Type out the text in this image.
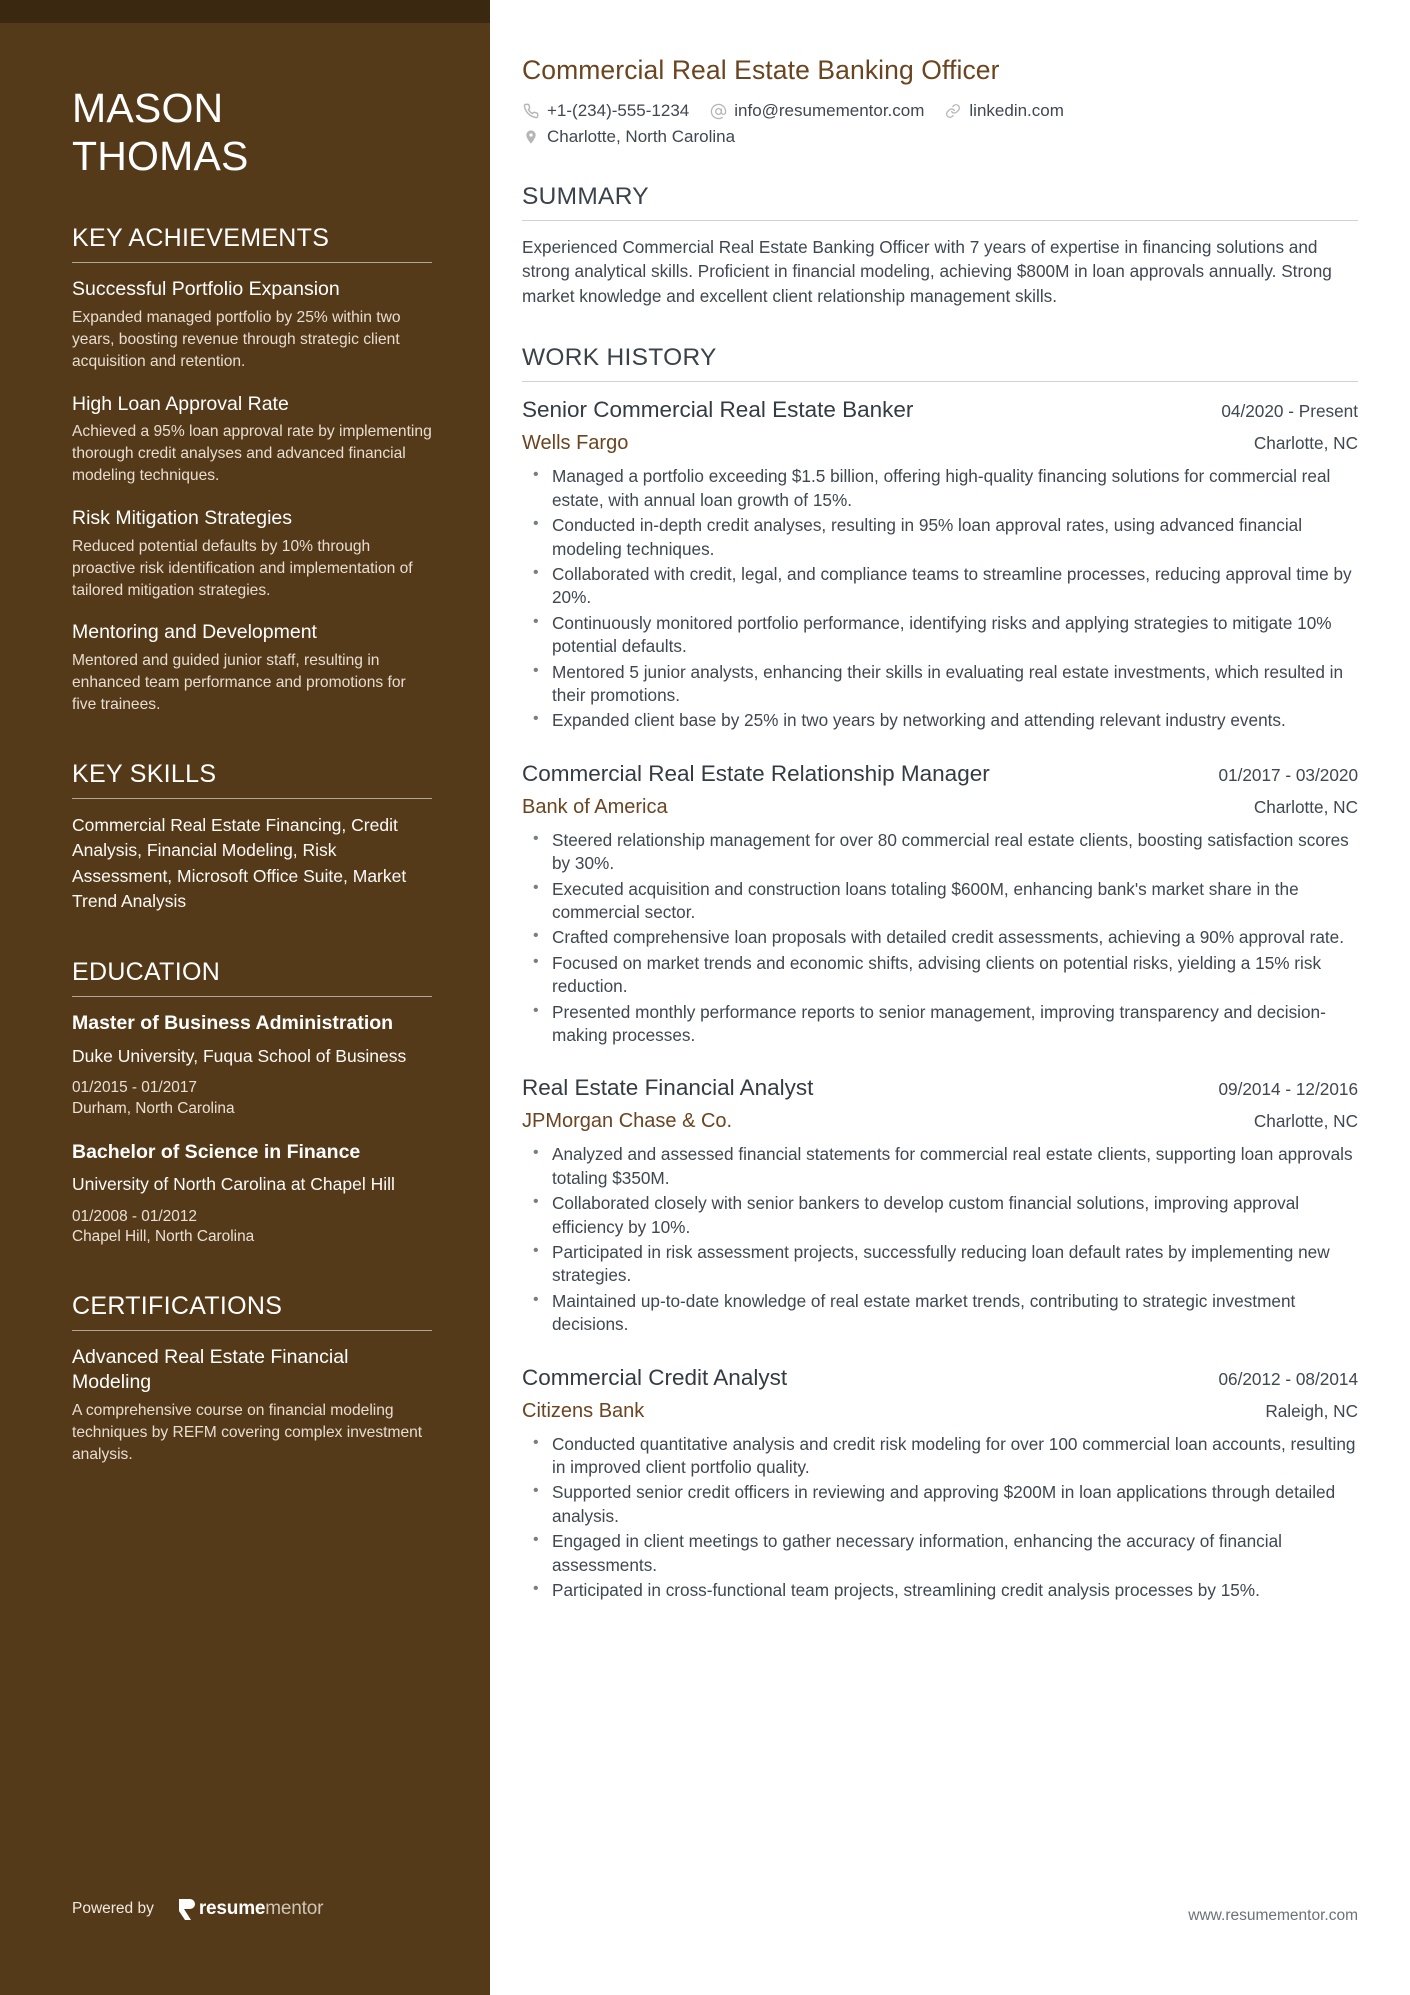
MASON
THOMAS
KEY ACHIEVEMENTS
Successful Portfolio Expansion
Expanded managed portfolio by 25% within two years, boosting revenue through strategic client acquisition and retention.
High Loan Approval Rate
Achieved a 95% loan approval rate by implementing thorough credit analyses and advanced financial modeling techniques.
Risk Mitigation Strategies
Reduced potential defaults by 10% through proactive risk identification and implementation of tailored mitigation strategies.
Mentoring and Development
Mentored and guided junior staff, resulting in enhanced team performance and promotions for five trainees.
KEY SKILLS
Commercial Real Estate Financing, Credit Analysis, Financial Modeling, Risk Assessment, Microsoft Office Suite, Market Trend Analysis
EDUCATION
Master of Business Administration
Duke University, Fuqua School of Business
01/2015 - 01/2017
Durham, North Carolina
Bachelor of Science in Finance
University of North Carolina at Chapel Hill
01/2008 - 01/2012
Chapel Hill, North Carolina
CERTIFICATIONS
Advanced Real Estate Financial Modeling
A comprehensive course on financial modeling techniques by REFM covering complex investment analysis.
Powered by resumementor
Commercial Real Estate Banking Officer
+1-(234)-555-1234	info@resumementor.com	linkedin.com
Charlotte, North Carolina
SUMMARY

Experienced Commercial Real Estate Banking Officer with 7 years of expertise in financing solutions and strong analytical skills. Proficient in financial modeling, achieving $800M in loan approvals annually. Strong market knowledge and excellent client relationship management skills.

WORK HISTORY
Senior Commercial Real Estate Banker	04/2020 - Present
Wells Fargo	Charlotte, NC
• Managed a portfolio exceeding $1.5 billion, offering high-quality financing solutions for commercial real estate, with annual loan growth of 15%.
• Conducted in-depth credit analyses, resulting in 95% loan approval rates, using advanced financial modeling techniques.
• Collaborated with credit, legal, and compliance teams to streamline processes, reducing approval time by 20%.
• Continuously monitored portfolio performance, identifying risks and applying strategies to mitigate 10% potential defaults.
• Mentored 5 junior analysts, enhancing their skills in evaluating real estate investments, which resulted in their promotions.
• Expanded client base by 25% in two years by networking and attending relevant industry events.
Commercial Real Estate Relationship Manager	01/2017 - 03/2020
Bank of America	Charlotte, NC
• Steered relationship management for over 80 commercial real estate clients, boosting satisfaction scores by 30%.
• Executed acquisition and construction loans totaling $600M, enhancing bank's market share in the commercial sector.
• Crafted comprehensive loan proposals with detailed credit assessments, achieving a 90% approval rate.
• Focused on market trends and economic shifts, advising clients on potential risks, yielding a 15% risk reduction.
• Presented monthly performance reports to senior management, improving transparency and decision-making processes.
Real Estate Financial Analyst	09/2014 - 12/2016
JPMorgan Chase & Co.	Charlotte, NC
• Analyzed and assessed financial statements for commercial real estate clients, supporting loan approvals totaling $350M.
• Collaborated closely with senior bankers to develop custom financial solutions, improving approval efficiency by 10%.
• Participated in risk assessment projects, successfully reducing loan default rates by implementing new strategies.
• Maintained up-to-date knowledge of real estate market trends, contributing to strategic investment decisions.
Commercial Credit Analyst	06/2012 - 08/2014
Citizens Bank	Raleigh, NC
• Conducted quantitative analysis and credit risk modeling for over 100 commercial loan accounts, resulting in improved client portfolio quality.
• Supported senior credit officers in reviewing and approving $200M in loan applications through detailed analysis.
• Engaged in client meetings to gather necessary information, enhancing the accuracy of financial assessments.
• Participated in cross-functional team projects, streamlining credit analysis processes by 15%.
www.resumementor.com
